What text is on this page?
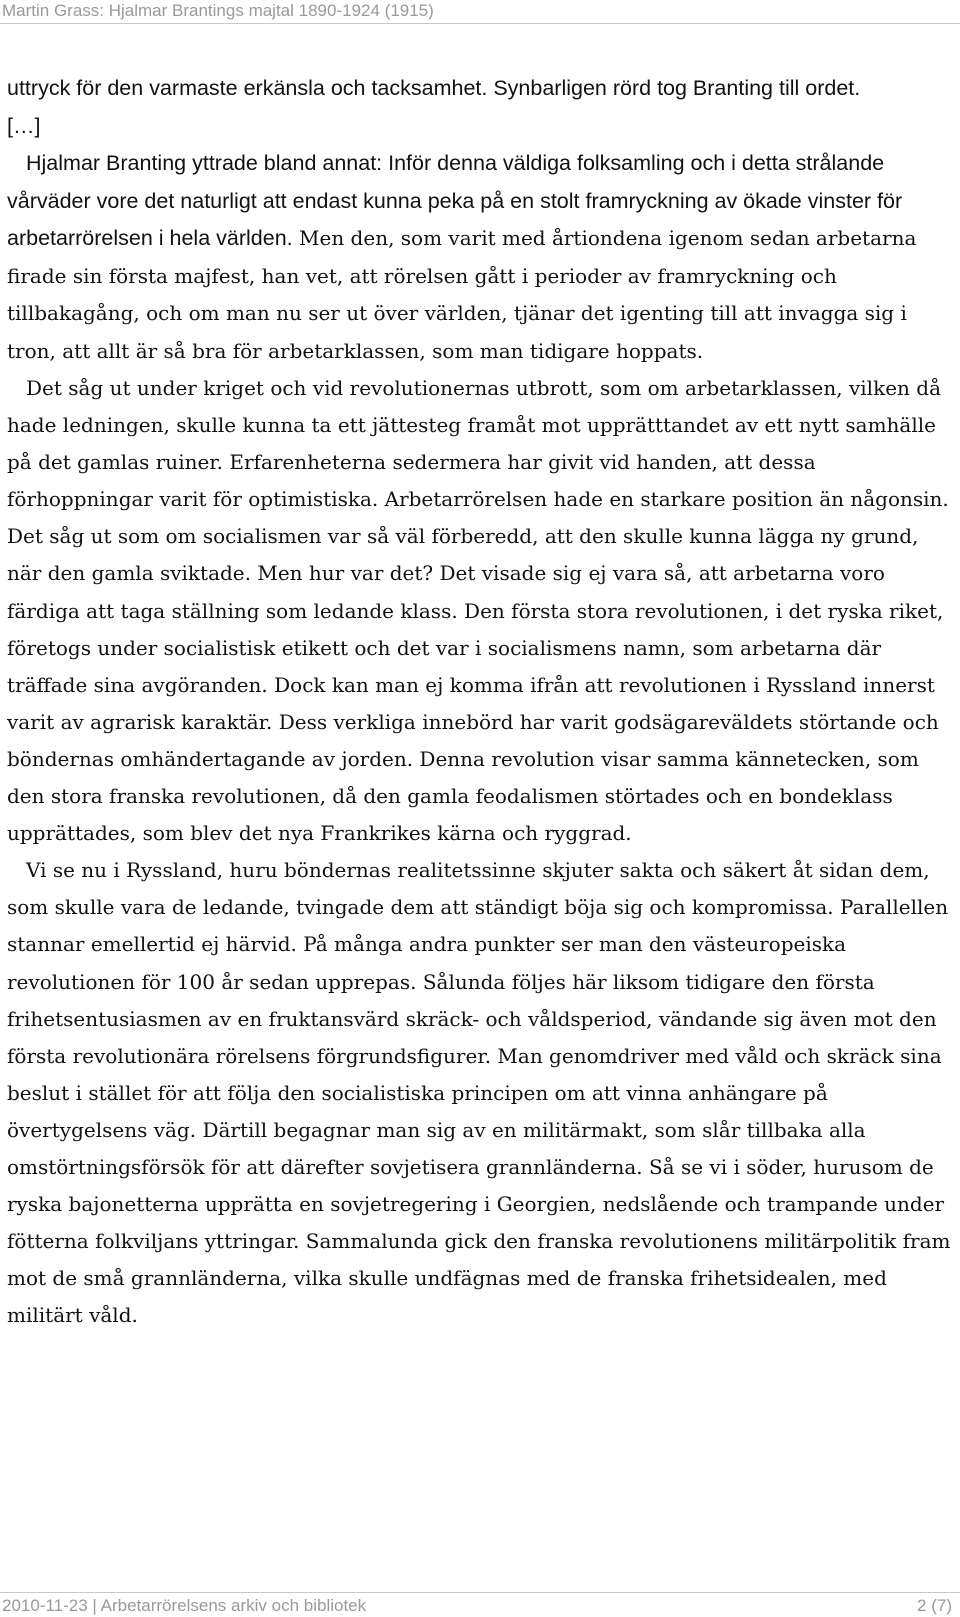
Martin Grass: Hjalmar Brantings majtal 1890-1924 (1915)

uttryck för den varmaste erkänsla och tacksamhet. Synbarligen rörd tog Branting till ordet.

[…]

Hjalmar Branting yttrade bland annat: Inför denna väldiga folksamling och i detta strålande vårväder vore det naturligt att endast kunna peka på en stolt framryckning av ökade vinster för arbetarrörelsen i hela världen. Men den, som varit med årtiondena igenom sedan arbetarna firade sin första majfest, han vet, att rörelsen gått i perioder av framryckning och tillbakagång, och om man nu ser ut över världen, tjänar det igenting till att invagga sig i tron, att allt är så bra för arbetarklassen, som man tidigare hoppats.

Det såg ut under kriget och vid revolutionernas utbrott, som om arbetarklassen, vilken då hade ledningen, skulle kunna ta ett jättesteg framåt mot upprätttandet av ett nytt samhälle på det gamlas ruiner. Erfarenheterna sedermera har givit vid handen, att dessa förhoppningar varit för optimistiska. Arbetarrörelsen hade en starkare position än någonsin. Det såg ut som om socialismen var så väl förberedd, att den skulle kunna lägga ny grund, när den gamla sviktade. Men hur var det? Det visade sig ej vara så, att arbetarna voro färdiga att taga ställning som ledande klass. Den första stora revolutionen, i det ryska riket, företogs under socialistisk etikett och det var i socialismens namn, som arbetarna där träffade sina avgöranden. Dock kan man ej komma ifrån att revolutionen i Ryssland innerst varit av agrarisk karaktär. Dess verkliga innebörd har varit godsägareväldets störtande och böndernas omhändertagande av jorden. Denna revolution visar samma kännetecken, som den stora franska revolutionen, då den gamla feodalismen störtades och en bondeklass upprättades, som blev det nya Frankrikes kärna och ryggrad.

Vi se nu i Ryssland, huru böndernas realitetssinne skjuter sakta och säkert åt sidan dem, som skulle vara de ledande, tvingade dem att ständigt böja sig och kompromissa. Parallellen stannar emellertid ej härvid. På många andra punkter ser man den västeuropeiska revolutionen för 100 år sedan upprepas. Sålunda följes här liksom tidigare den första frihetsentusiasmen av en fruktansvärd skräck- och våldsperiod, vändande sig även mot den första revolutionära rörelsens förgrundsfigurer. Man genomdriver med våld och skräck sina beslut i stället för att följa den socialistiska principen om att vinna anhängare på övertygelsens väg. Därtill begagnar man sig av en militärmakt, som slår tillbaka alla omstörtningsförsök för att därefter sovjetisera grannländerna. Så se vi i söder, hurusom de ryska bajonetterna upprätta en sovjetregering i Georgien, nedslående och trampande under fötterna folkviljans yttringar. Sammalunda gick den franska revolutionens militärpolitik fram mot de små grannländerna, vilka skulle undfägnas med de franska frihetsidealen, med militärt våld.

2010-11-23 | Arbetarrörelsens arkiv och bibliotek	2 (7)
